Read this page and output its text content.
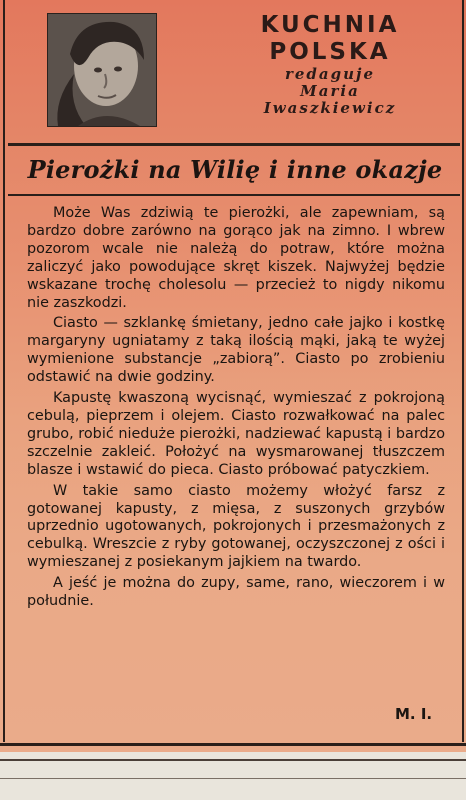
KUCHNIA
POLSKA
redaguje
Maria
Iwaszkiewicz
Pierożki na Wilię i inne okazje

Może Was zdziwią te pierożki, ale zapewniam, są bardzo dobre zarówno na gorąco jak na zimno. I wbrew pozorom wcale nie należą do potraw, które można zaliczyć jako powodujące skręt kiszek. Najwyżej będzie wskazane trochę cholesolu — przecież to nigdy nikomu nie zaszkodzi.

Ciasto — szklankę śmietany, jedno całe jajko i kostkę margaryny ugniatamy z taką ilością mąki, jaką te wyżej wymienione substancje „zabiorą”. Ciasto po zrobieniu odstawić na dwie godziny.

Kapustę kwaszoną wycisnąć, wymieszać z pokrojoną cebulą, pieprzem i olejem. Ciasto rozwałkować na palec grubo, robić nieduże pierożki, nadziewać kapustą i bardzo szczelnie zakleić. Położyć na wysmarowanej tłuszczem blasze i wstawić do pieca. Ciasto próbować patyczkiem.

W takie samo ciasto możemy włożyć farsz z gotowanej kapusty, z mięsa, z suszonych grzybów uprzednio ugotowanych, pokrojonych i przesmażonych z cebulką. Wreszcie z ryby gotowanej, oczyszczonej z ości i wymieszanej z posiekanym jajkiem na twardo.

A jeść je można do zupy, same, rano, wieczorem i w południe.

M. I.
